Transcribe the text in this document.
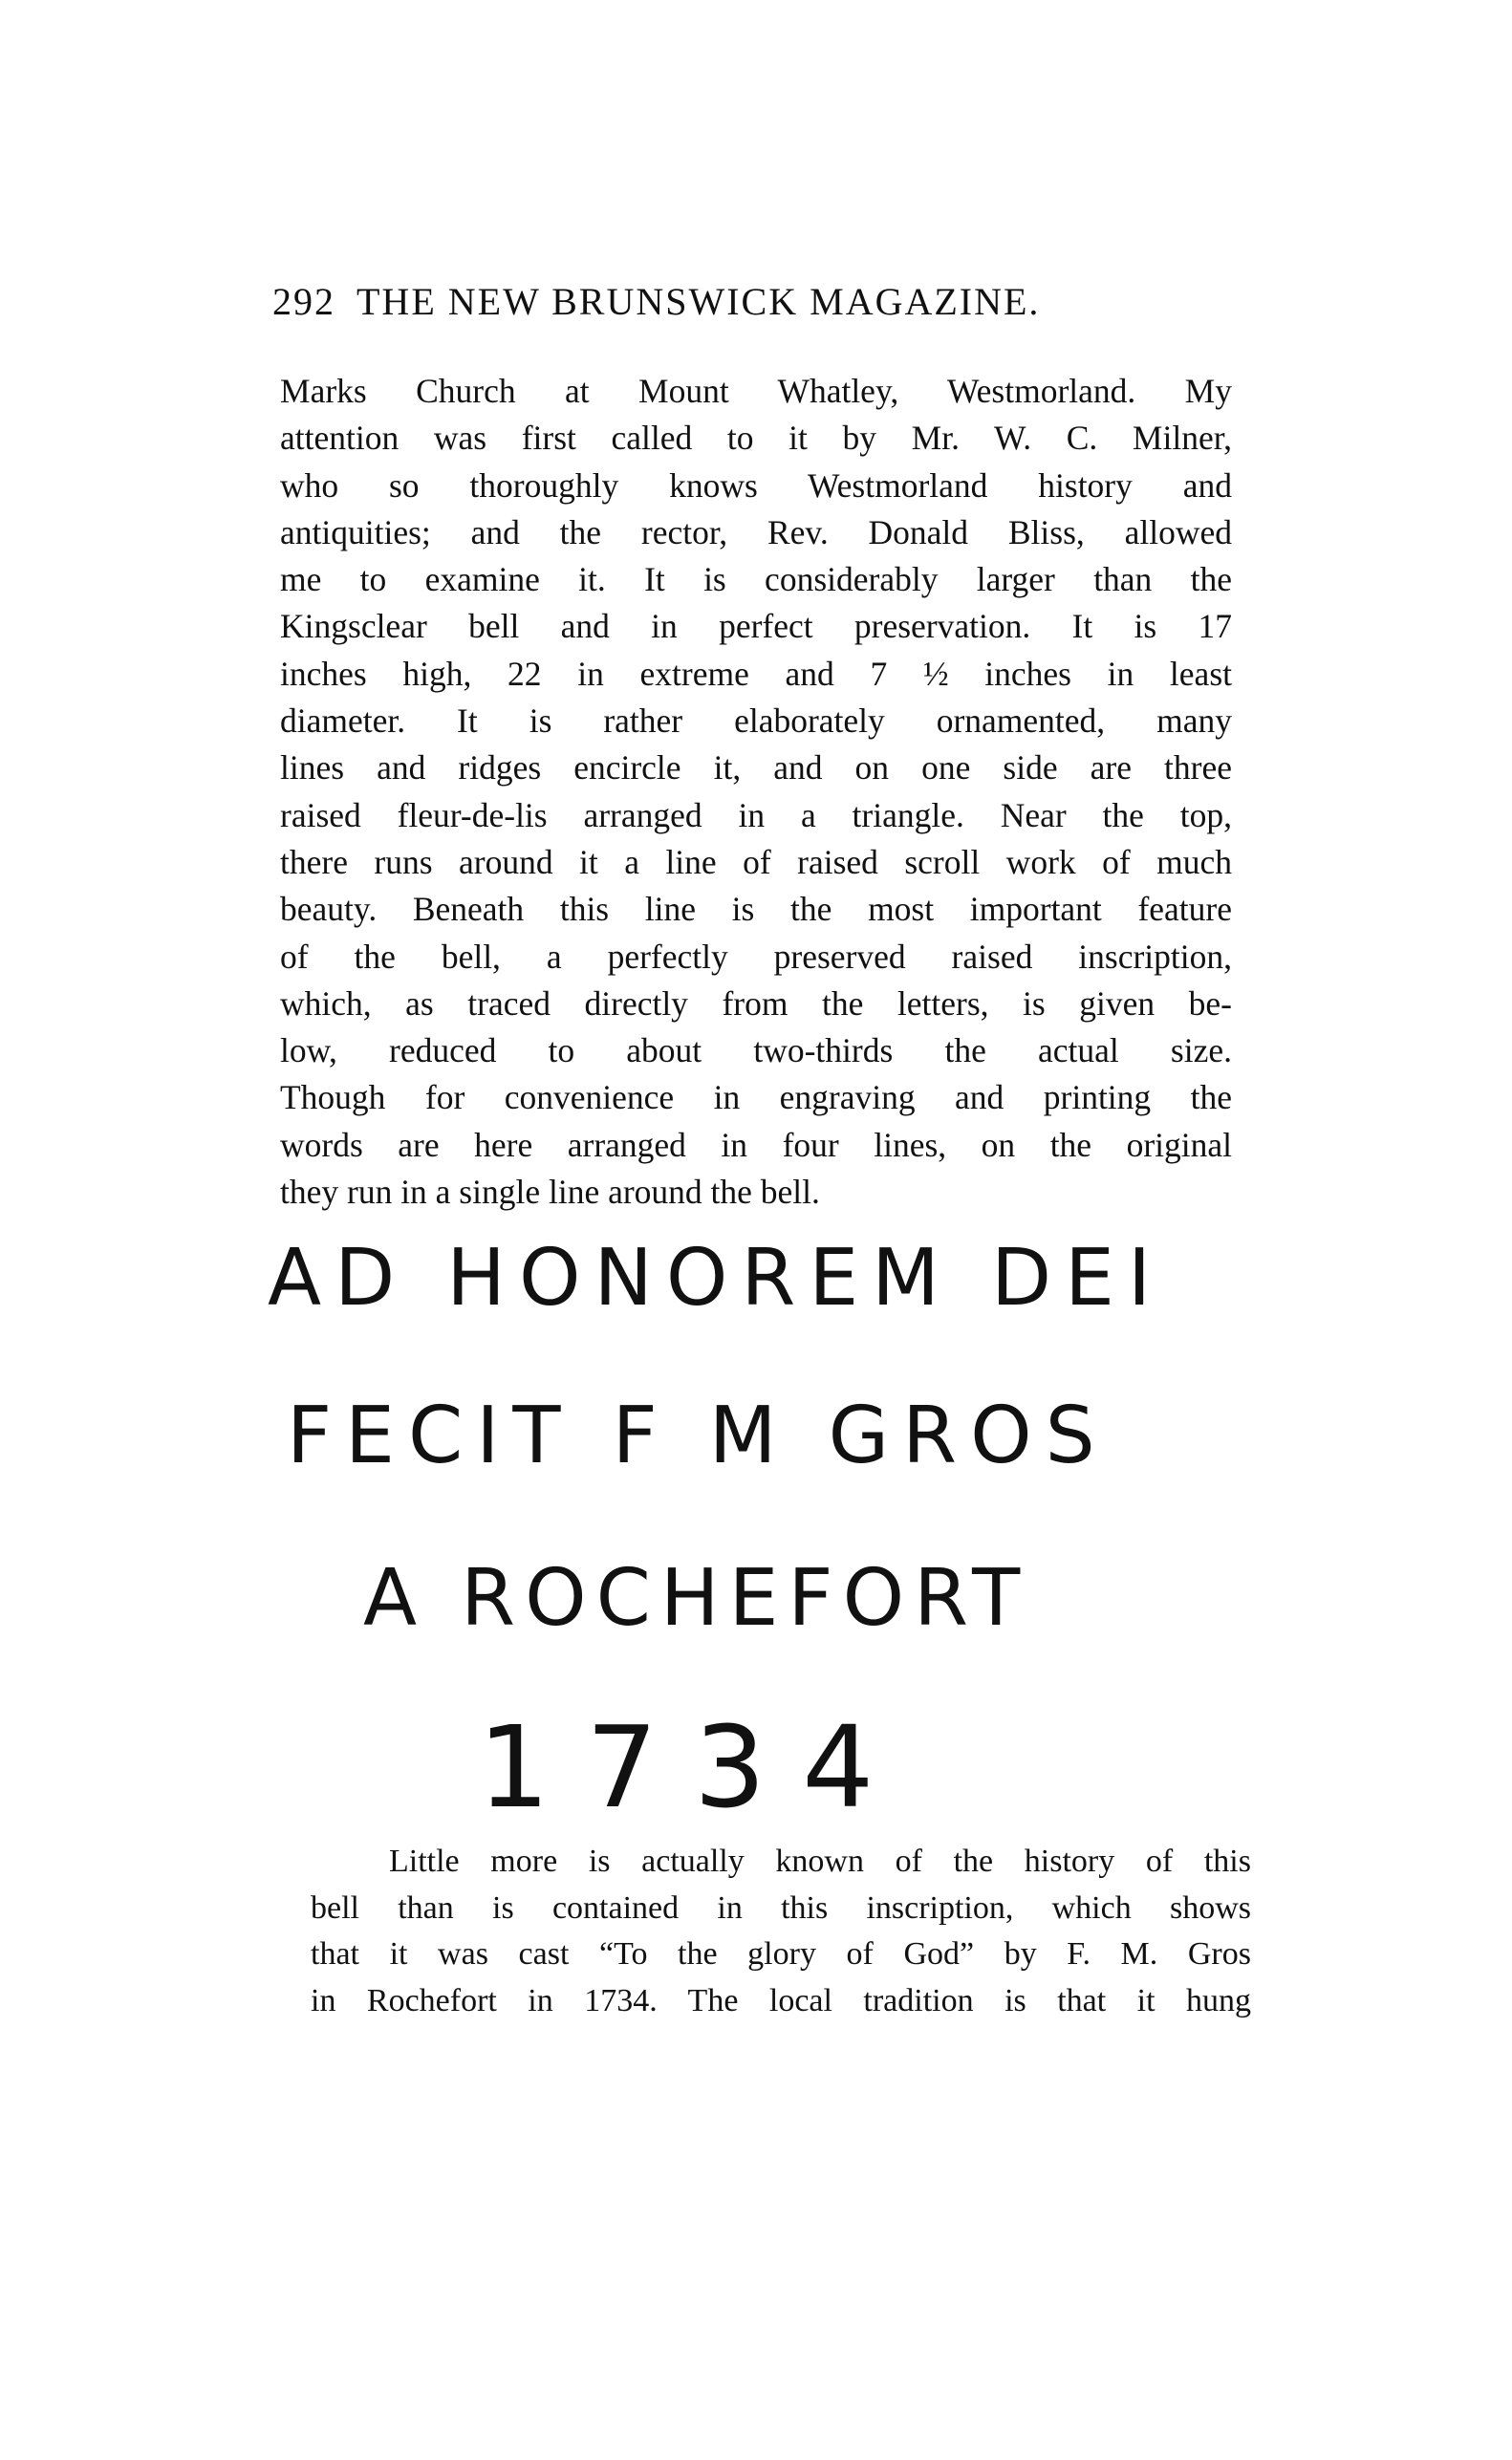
292 THE NEW BRUNSWICK MAGAZINE.
Marks Church at Mount Whatley, Westmorland. My
attention was first called to it by Mr. W. C. Milner,
who so thoroughly knows Westmorland history and
antiquities; and the rector, Rev. Donald Bliss, allowed
me to examine it. It is considerably larger than the
Kingsclear bell and in perfect preservation. It is 17
inches high, 22 in extreme and 7 ½ inches in least
diameter. It is rather elaborately ornamented, many
lines and ridges encircle it, and on one side are three
raised fleur-de-lis arranged in a triangle. Near the top,
there runs around it a line of raised scroll work of much
beauty. Beneath this line is the most important feature
of the bell, a perfectly preserved raised inscription,
which, as traced directly from the letters, is given be-
low, reduced to about two-thirds the actual size.
Though for convenience in engraving and printing the
words are here arranged in four lines, on the original
they run in a single line around the bell.
AD HONOREM DEI
FECIT F M GROS
A ROCHEFORT
1734
Little more is actually known of the history of this
bell than is contained in this inscription, which shows
that it was cast “To the glory of God” by F. M. Gros
in Rochefort in 1734. The local tradition is that it hung
